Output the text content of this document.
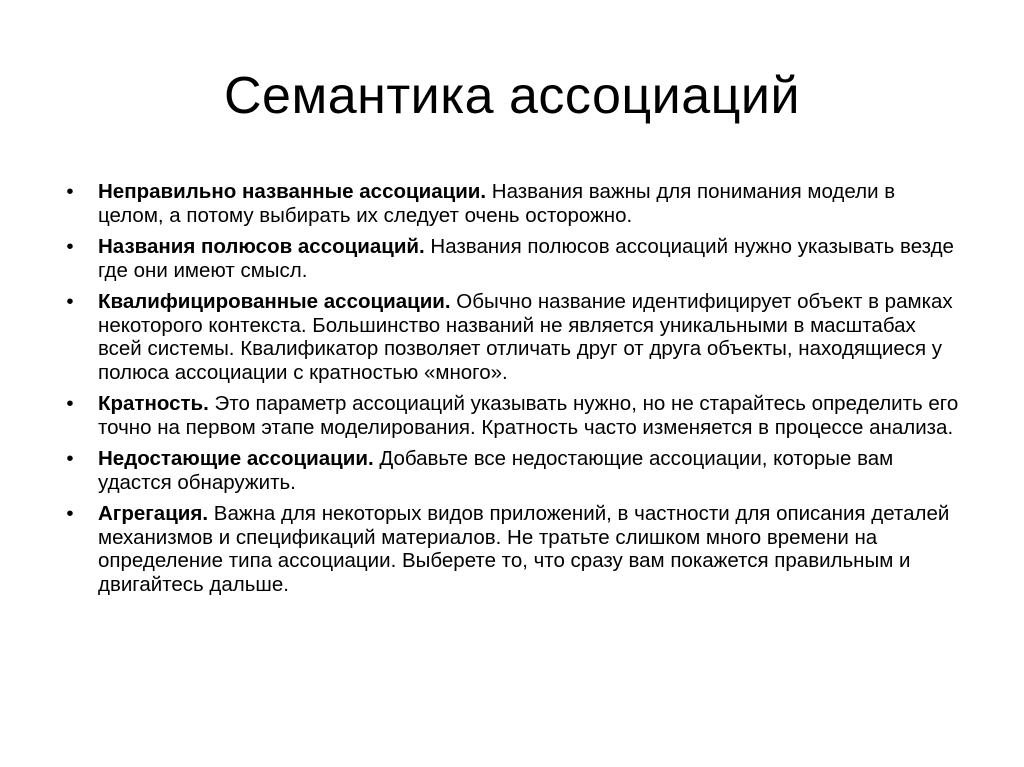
Семантика ассоциаций
•	Неправильно названные ассоциации. Названия важны для понимания модели в целом, а потому выбирать их следует очень осторожно.
•	Названия полюсов ассоциаций. Названия полюсов ассоциаций нужно указывать везде где они имеют смысл.
•	Квалифицированные ассоциации. Обычно название идентифицирует объект в рамках некоторого контекста. Большинство названий не является уникальными в масштабах всей системы. Квалификатор позволяет отличать друг от друга объекты, находящиеся у полюса ассоциации с кратностью «много».
•	Кратность. Это параметр ассоциаций указывать нужно, но не старайтесь определить его точно на первом этапе моделирования. Кратность часто изменяется в процессе анализа.
•	Недостающие ассоциации. Добавьте все недостающие ассоциации, которые вам удастся обнаружить.
•	Агрегация. Важна для некоторых видов приложений, в частности для описания деталей механизмов и спецификаций материалов. Не тратьте слишком много времени на определение типа ассоциации. Выберете то, что сразу вам покажется правильным и двигайтесь дальше.
